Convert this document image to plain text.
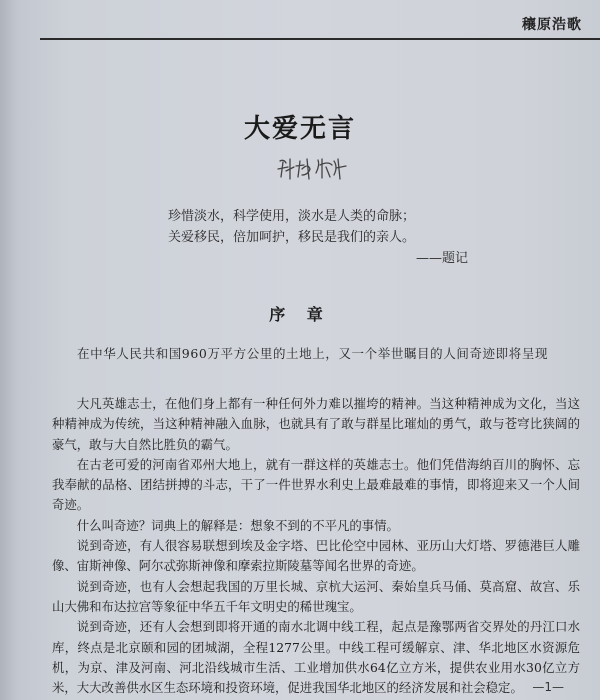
穰原浩歌
大爱无言
珍惜淡水，科学使用，淡水是人类的命脉；
关爱移民，倍加呵护，移民是我们的亲人。
——题记
序 章

在中华人民共和国960万平方公里的土地上，又一个举世瞩目的人间奇迹即将呈现

大凡英雄志士，在他们身上都有一种任何外力难以摧垮的精神。当这种精神成为文化，当这种精神成为传统，当这种精神融入血脉，也就具有了敢与群星比璀灿的勇气，敢与苍穹比狭阔的豪气，敢与大自然比胜负的霸气。

在古老可爱的河南省邓州大地上，就有一群这样的英雄志士。他们凭借海纳百川的胸怀、忘我奉献的品格、团结拼搏的斗志，干了一件世界水利史上最难最难的事情，即将迎来又一个人间奇迹。

什么叫奇迹？词典上的解释是：想象不到的不平凡的事情。

说到奇迹，有人很容易联想到埃及金字塔、巴比伦空中园林、亚历山大灯塔、罗德港巨人雕像、宙斯神像、阿尔忒弥斯神像和摩索拉斯陵墓等闻名世界的奇迹。

说到奇迹，也有人会想起我国的万里长城、京杭大运河、秦始皇兵马俑、莫高窟、故宫、乐山大佛和布达拉宫等象征中华五千年文明史的稀世瑰宝。

说到奇迹，还有人会想到即将开通的南水北调中线工程，起点是豫鄂两省交界处的丹江口水库，终点是北京颐和园的团城湖，全程1277公里。中线工程可缓解京、津、华北地区水资源危机，为京、津及河南、河北沿线城市生活、工业增加供水64亿立方米，提供农业用水30亿立方米，大大改善供水区生态环境和投资环境，促进我国华北地区的经济发展和社会稳定。 —1—
